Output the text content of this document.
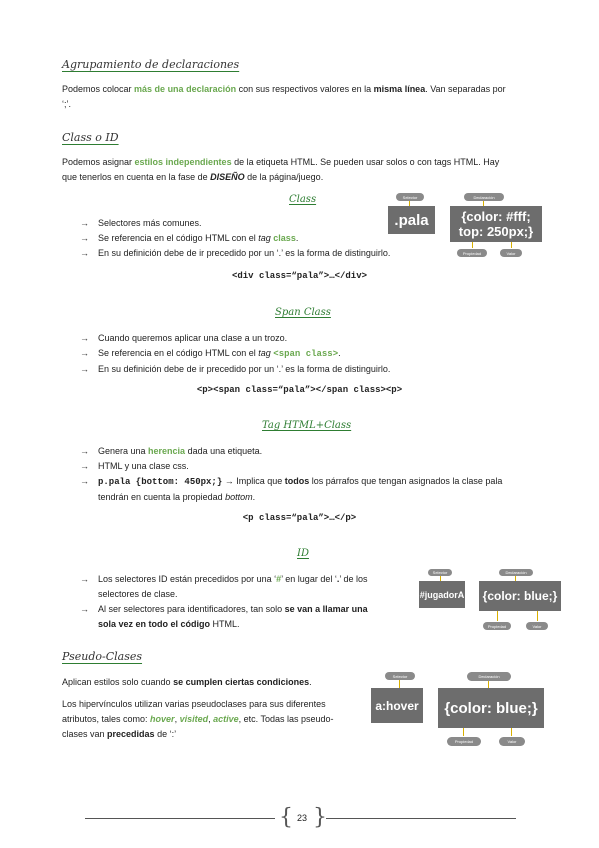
Agrupamiento de declaraciones
Podemos colocar más de una declaración con sus respectivos valores en la misma línea. Van separadas por
‘;’.
Class o ID
Podemos asignar estilos independientes de la etiqueta HTML. Se pueden usar solos o con tags HTML. Hay
que tenerlos en cuenta en la fase de DISEÑO de la página/juego.
Class
→	Selectores más comunes.
→	Se referencia en el código HTML con el tag class.
→	En su definición debe de ir precedido por un ‘.’ es la forma de distinguirlo.
<div class=“pala”>…</div>
Selector
.pala
Declaración
{color: #fff;
top: 250px;}
Propiedad	Valor
Span Class
→	Cuando queremos aplicar una clase a un trozo.
→	Se referencia en el código HTML con el tag <span class>.
→	En su definición debe de ir precedido por un ‘.’ es la forma de distinguirlo.
<p><span class=“pala”></span class><p>
Tag HTML+Class
→	Genera una herencia dada una etiqueta.
→	HTML y una clase css.
→	p.pala {bottom: 450px;} → Implica que todos los párrafos que tengan asignados la clase pala
tendrán en cuenta la propiedad bottom.
<p class=“pala”>…</p>
ID
→	Los selectores ID están precedidos por una ‘#’ en lugar del ‘.’ de los
selectores de clase.
→	Al ser selectores para identificadores, tan solo se van a llamar una
sola vez en todo el código HTML.
Selector
#jugadorA
Declaración
{color: blue;}
Propiedad	Valor
Pseudo-Clases
Aplican estilos solo cuando se cumplen ciertas condiciones.
Los hipervínculos utilizan varias pseudoclases para sus diferentes
atributos, tales como: hover, visited, active, etc. Todas las pseudo-
clases van precedidas de ‘:’
Selector
a:hover
Declaración
{color: blue;}
Propiedad	Valor
{ }
23
